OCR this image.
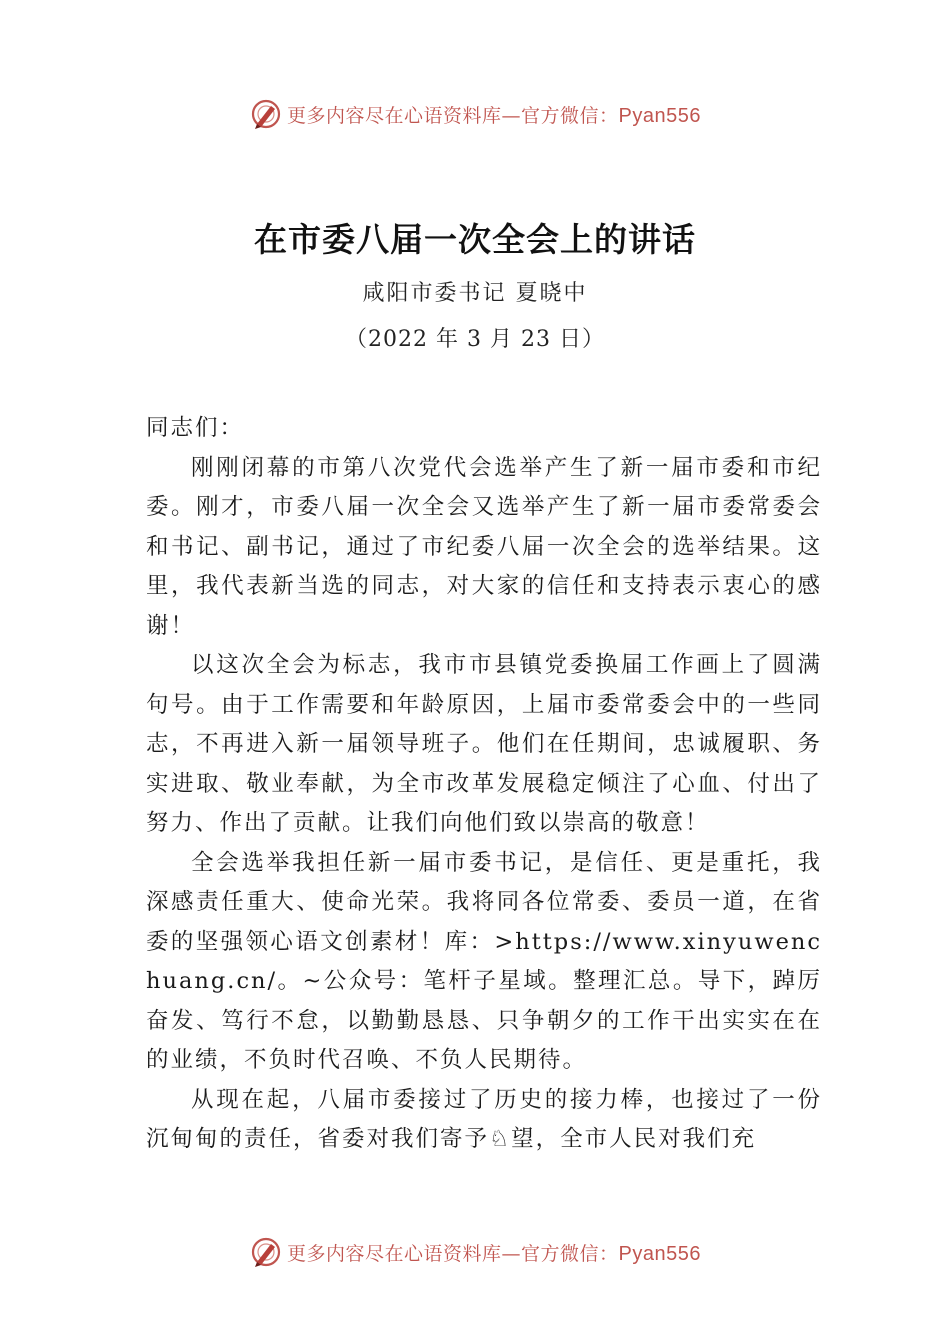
更多内容尽在心语资料库—官方微信：Pyan556
在市委八届一次全会上的讲话
咸阳市委书记 夏晓中
（2022 年 3 月 23 日）

同志们：

刚刚闭幕的市第八次党代会选举产生了新一届市委和市纪委。刚才，市委八届一次全会又选举产生了新一届市委常委会和书记、副书记，通过了市纪委八届一次全会的选举结果。这里，我代表新当选的同志，对大家的信任和支持表示衷心的感谢！

以这次全会为标志，我市市县镇党委换届工作画上了圆满句号。由于工作需要和年龄原因，上届市委常委会中的一些同志，不再进入新一届领导班子。他们在任期间，忠诚履职、务实进取、敬业奉献，为全市改革发展稳定倾注了心血、付出了努力、作出了贡献。让我们向他们致以崇高的敬意！

全会选举我担任新一届市委书记，是信任、更是重托，我深感责任重大、使命光荣。我将同各位常委、委员一道，在省委的坚强领心语文创素材！库：>https://www.xinyuwenchuang.cn/。~公众号：笔杆子星域。整理汇总。导下，踔厉奋发、笃行不怠，以勤勤恳恳、只争朝夕的工作干出实实在在的业绩，不负时代召唤、不负人民期待。

从现在起，八届市委接过了历史的接力棒，也接过了一份沉甸甸的责任，省委对我们寄予♘望，全市人民对我们充

更多内容尽在心语资料库—官方微信：Pyan556
